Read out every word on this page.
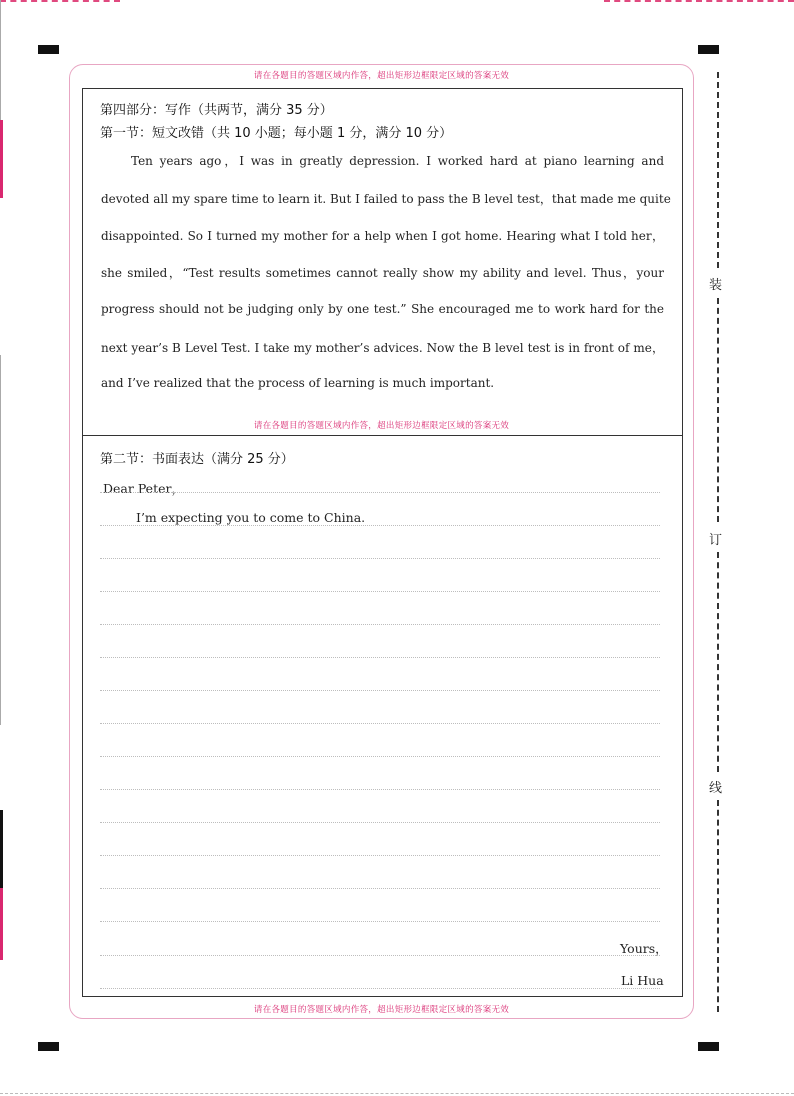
装
订
线
请在各题目的答题区域内作答，超出矩形边框限定区域的答案无效
请在各题目的答题区域内作答，超出矩形边框限定区域的答案无效
请在各题目的答题区域内作答，超出矩形边框限定区域的答案无效
第四部分：写作（共两节，满分 35 分）
第一节：短文改错（共 10 小题；每小题 1 分，满分 10 分）
Ten years ago，I was in greatly depression. I worked hard at piano learning and
devoted all my spare time to learn it. But I failed to pass the B level test，that made me quite
disappointed. So I turned my mother for a help when I got home. Hearing what I told her，
she smiled，“Test results sometimes cannot really show my ability and level. Thus，your
progress should not be judging only by one test.” She encouraged me to work hard for the
next year’s B Level Test. I take my mother’s advices. Now the B level test is in front of me，
and I’ve realized that the process of learning is much important.
第二节：书面表达（满分 25 分）
Dear Peter，
I’m expecting you to come to China.
Yours，
Li Hua
